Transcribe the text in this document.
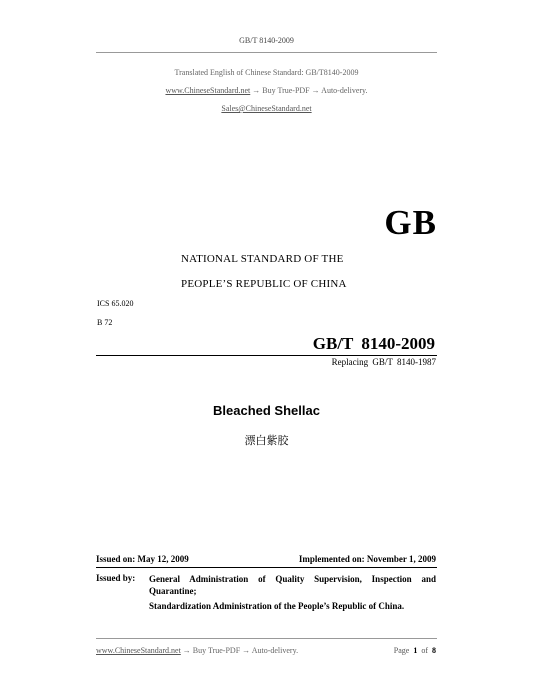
GB/T 8140-2009
Translated English of Chinese Standard: GB/T8140-2009
www.ChineseStandard.net → Buy True-PDF → Auto-delivery.
Sales@ChineseStandard.net
GB
NATIONAL STANDARD OF THE
PEOPLE’S REPUBLIC OF CHINA
ICS 65.020
B 72
GB/T 8140-2009
Replacing GB/T 8140-1987
Bleached Shellac
漂白紫胶
Issued on: May 12, 2009	Implemented on: November 1, 2009
Issued by: General Administration of Quality Supervision, Inspection and Quarantine;
Standardization Administration of the People’s Republic of China.
www.ChineseStandard.net → Buy True-PDF → Auto-delivery.	Page 1 of 8
